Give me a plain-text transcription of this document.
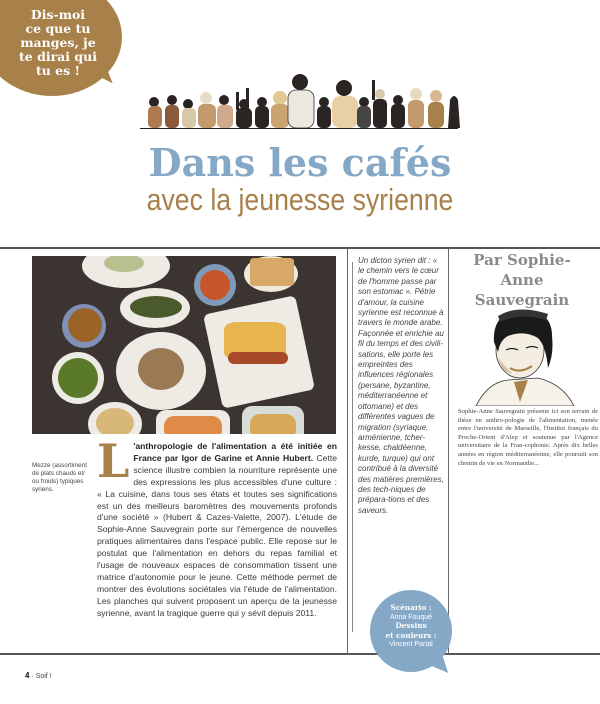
Dis-moi
ce que tu
manges, je
te dirai qui
tu es !
Dans les cafés
avec la jeunesse syrienne
Mezze (assortiment de plats chauds et/ ou froids) typiques syriens.
L 'anthropologie de l'alimentation a été initiée en France par Igor de Garine et Annie Hubert. Cette science illustre combien la nourriture représente une des expressions les plus accessibles d'une culture : « La cuisine, dans tous ses états et toutes ses significations est un des meilleurs baromètres des mouvements profonds d'une société » (Hubert & Cazes-Valette, 2007). L'étude de Sophie-Anne Sauvegrain porte sur l'émergence de nouvelles pratiques alimentaires dans l'espace public. Elle repose sur le postulat que l'alimentation en dehors du repas familial et l'usage de nouveaux espaces de consommation tissent une matrice d'autonomie pour le jeune. Cette méthode permet de montrer des évolutions sociétales via l'étude de l'alimentation. Les planches qui suivent proposent un aperçu de la jeunesse syrienne, avant la tragique guerre qui y sévit depuis 2011.
Un dicton syrien dit : « le chemin vers le cœur de l'homme passe par son estomac ». Pétrie d'amour, la cuisine syrienne est reconnue à travers le monde arabe. Façonnée et enrichie au fil du temps et des civili-sations, elle porte les empreintes des influences régionales (persane, byzantine, méditerranéenne et ottomane) et des différentes vagues de migration (syriaque, arménienne, tcher-kesse, chaldéenne, kurde, turque) qui ont contribué à la diversité des matières premières, des tech-niques de prépara-tions et des saveurs.
Par Sophie-
Anne
Sauvegrain
Sophie-Anne Sauvegrain présente ici son terrain de thèse en anthro-pologie de l'alimentation, menée entre l'université de Marseille, l'Institut français du Proche-Orient d'Alep et soutenue par l'Agence universitaire de la Fran-cophonie. Après dix belles années en région méditerranéenne, elle poursuit son chemin de vie en Normandie...
Scénario :
Anna Fouqué
Dessins
et couleurs :
Vincent Partal
4 · Soif !
